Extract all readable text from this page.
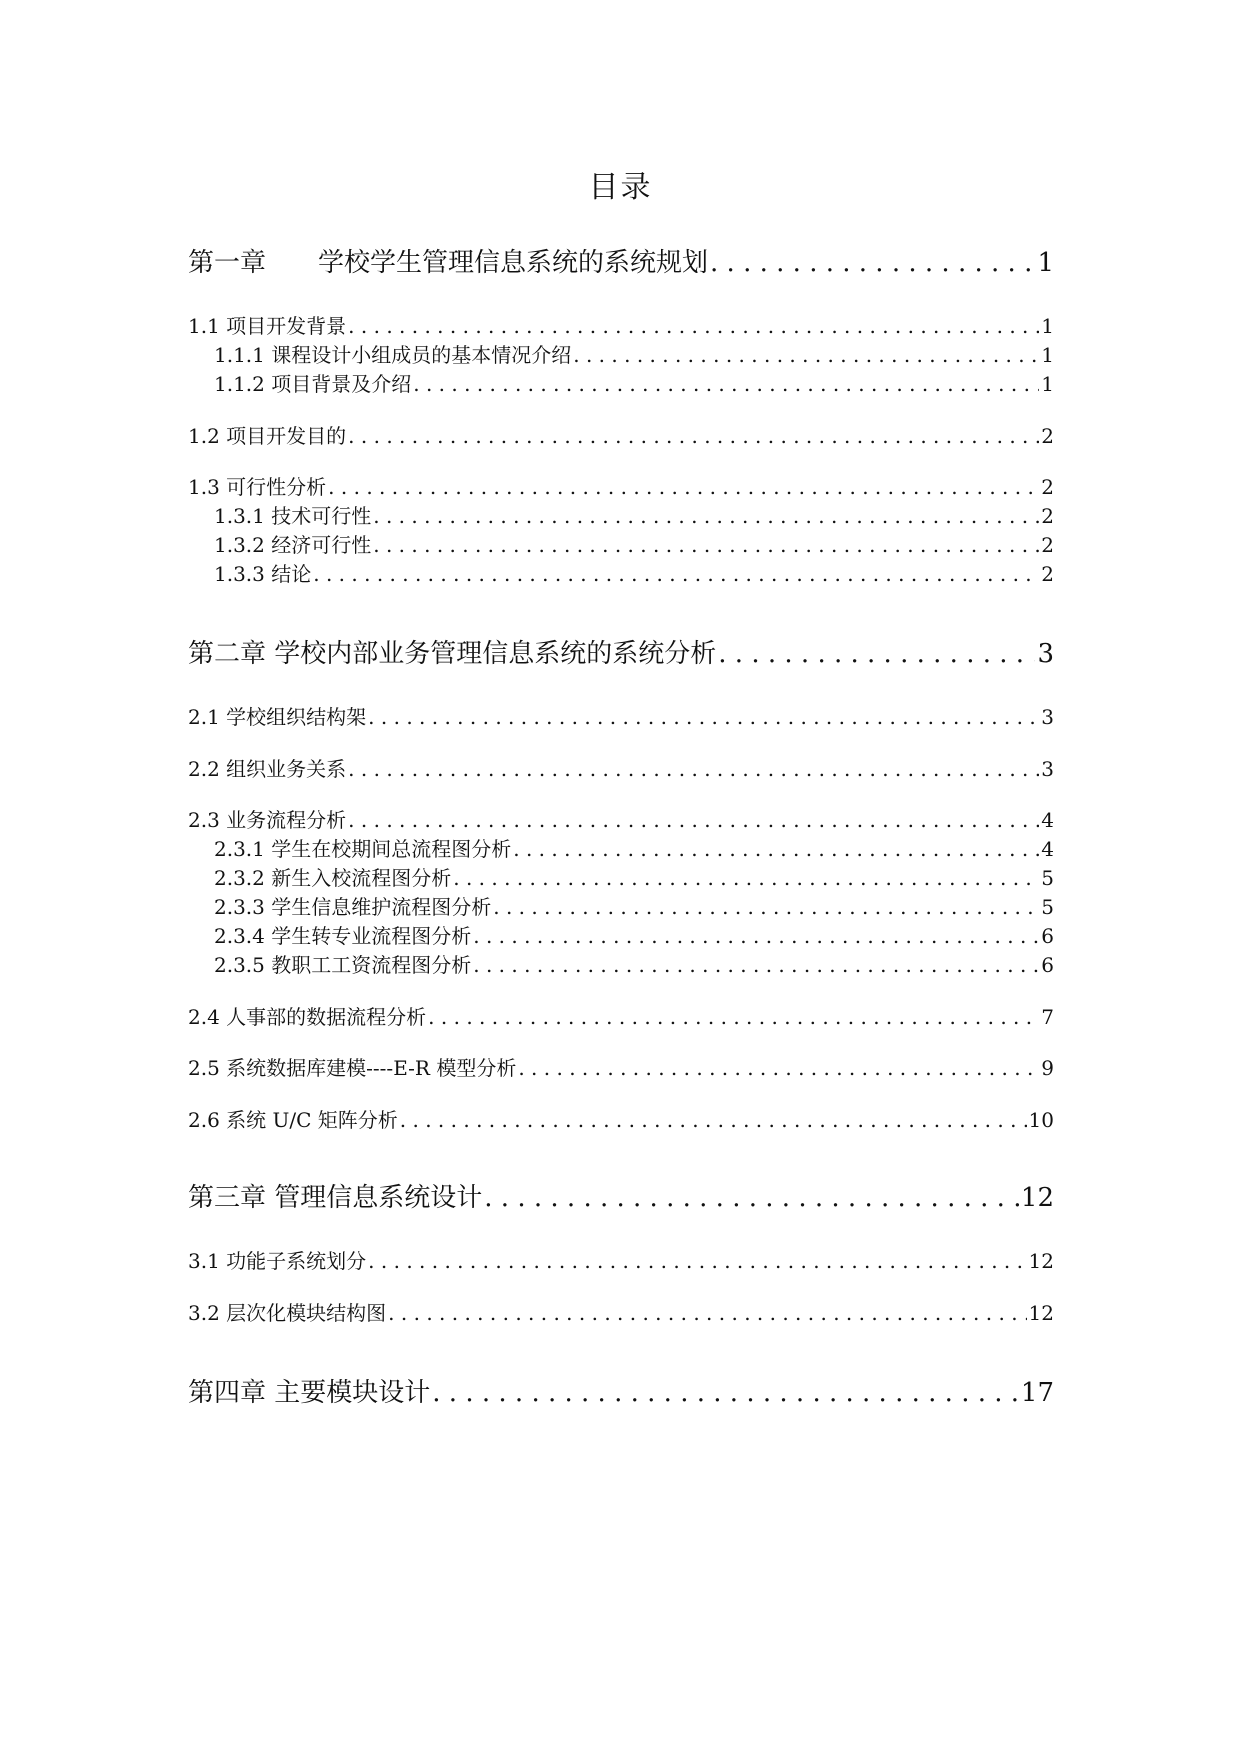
目录
第一章　　学校学生管理信息系统的系统规划 . . .	1
1.1 项目开发背景 . . .	1
1.1.1 课程设计小组成员的基本情况介绍 . . .	1
1.1.2 项目背景及介绍 . . .	1
1.2 项目开发目的 . . .	2
1.3 可行性分析 . . .	2
1.3.1 技术可行性 . . .	2
1.3.2 经济可行性 . . .	2
1.3.3 结论 . . .	2
第二章 学校内部业务管理信息系统的系统分析 . . .	3
2.1 学校组织结构架 . . .	3
2.2 组织业务关系 . . .	3
2.3 业务流程分析 . . .	4
2.3.1 学生在校期间总流程图分析 . . .	4
2.3.2 新生入校流程图分析 . . .	5
2.3.3 学生信息维护流程图分析 . . .	5
2.3.4 学生转专业流程图分析 . . .	6
2.3.5 教职工工资流程图分析 . . .	6
2.4 人事部的数据流程分析 . . .	7
2.5 系统数据库建模----E-R 模型分析 . . .	9
2.6 系统 U/C 矩阵分析 . . .	10
第三章 管理信息系统设计 . . .	12
3.1 功能子系统划分 . . .	12
3.2 层次化模块结构图 . . .	12
第四章 主要模块设计 . . .	17
